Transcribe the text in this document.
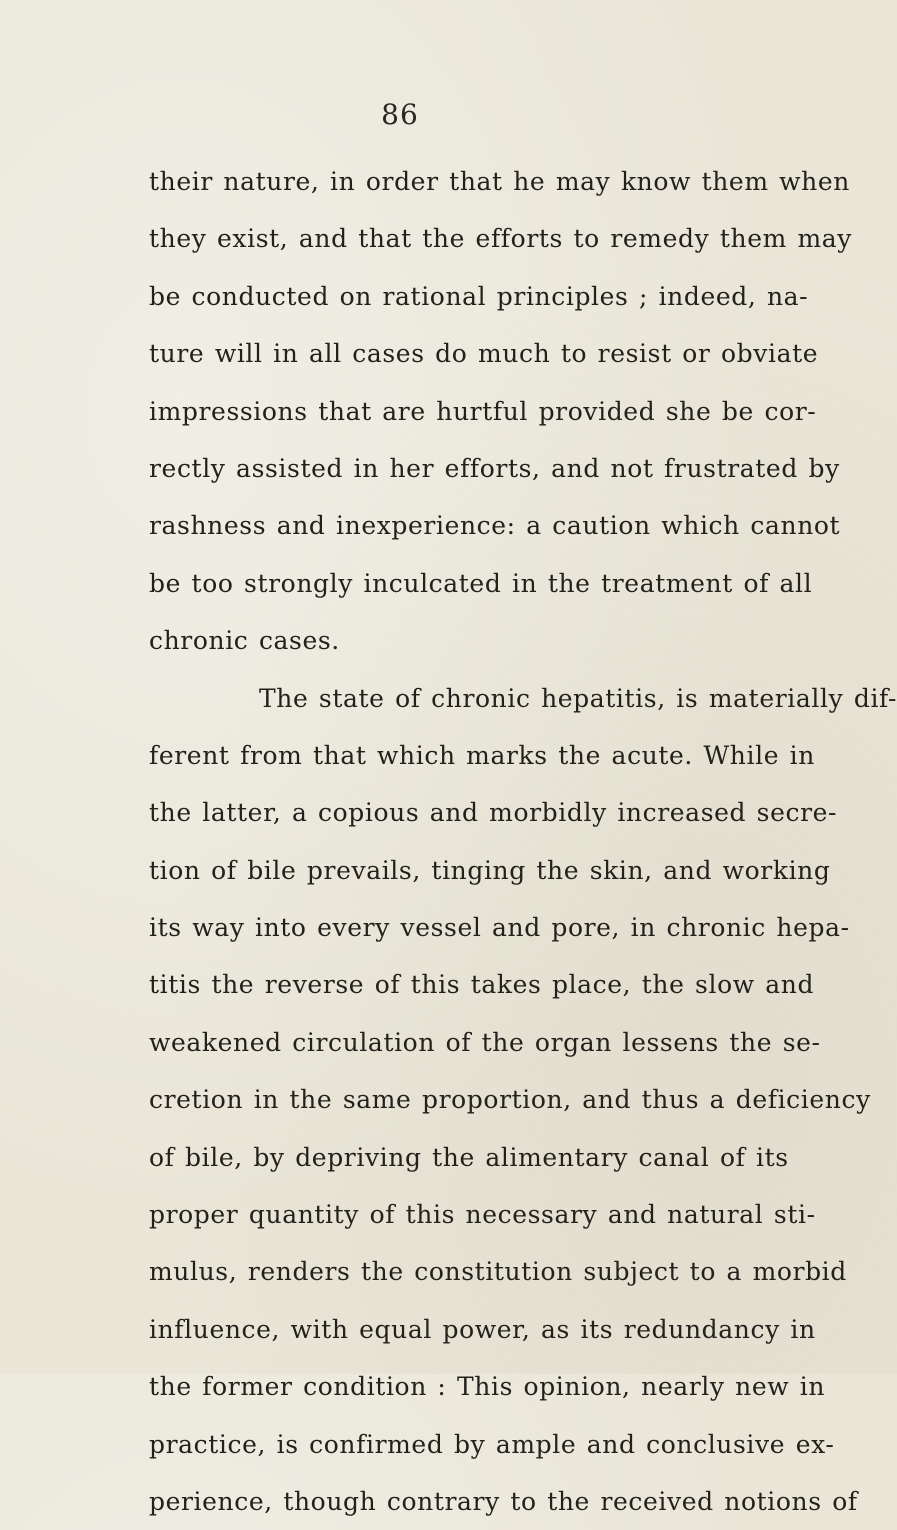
86
their nature, in order that he may know them when
they exist, and that the efforts to remedy them may
be conducted on rational principles ; indeed, na-
ture will in all cases do much to resist or obviate
impressions that are hurtful provided she be cor-
rectly assisted in her efforts, and not frustrated by
rashness and inexperience: a caution which cannot
be too strongly inculcated in the treatment of all
chronic cases.
The state of chronic hepatitis, is materially dif-
ferent from that which marks the acute. While in
the latter, a copious and morbidly increased secre-
tion of bile prevails, tinging the skin, and working
its way into every vessel and pore, in chronic hepa-
titis the reverse of this takes place, the slow and
weakened circulation of the organ lessens the se-
cretion in the same proportion, and thus a deficiency
of bile, by depriving the alimentary canal of its
proper quantity of this necessary and natural sti-
mulus, renders the constitution subject to a morbid
influence, with equal power, as its redundancy in
the former condition : This opinion, nearly new in
practice, is confirmed by ample and conclusive ex-
perience, though contrary to the received notions of
